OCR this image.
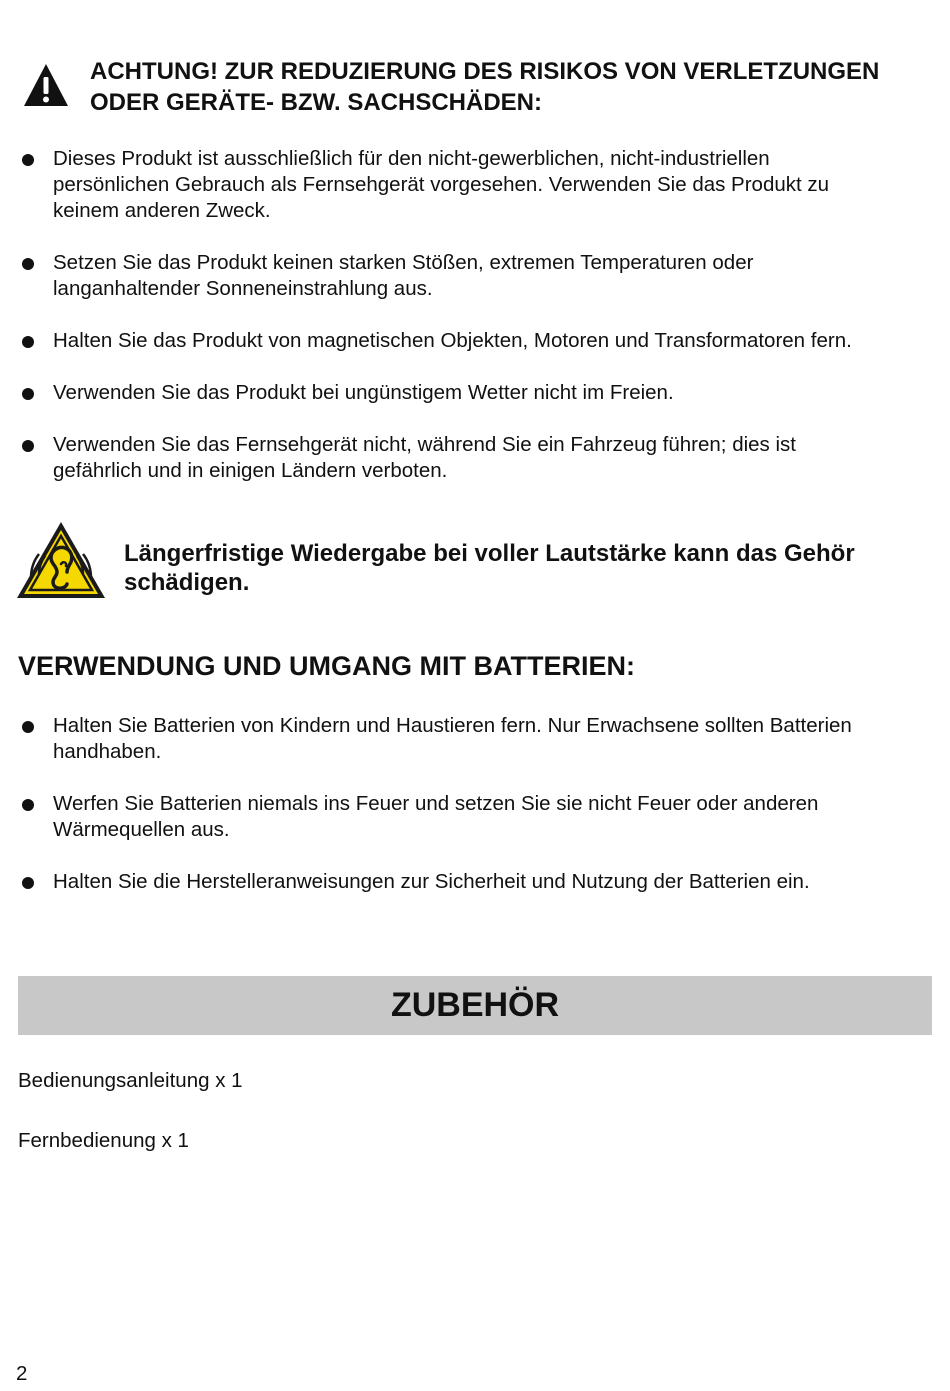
ACHTUNG! ZUR REDUZIERUNG DES RISIKOS VON VERLETZUNGEN
ODER GERÄTE- BZW. SACHSCHÄDEN:
Dieses Produkt ist ausschließlich für den nicht-gewerblichen, nicht-industriellen
persönlichen Gebrauch als Fernsehgerät vorgesehen. Verwenden Sie das Produkt zu
keinem anderen Zweck.
Setzen Sie das Produkt keinen starken Stößen, extremen Temperaturen oder
langanhaltender Sonneneinstrahlung aus.
Halten Sie das Produkt von magnetischen Objekten, Motoren und Transformatoren fern.
Verwenden Sie das Produkt bei ungünstigem Wetter nicht im Freien.
Verwenden Sie das Fernsehgerät nicht, während Sie ein Fahrzeug führen; dies ist
gefährlich und in einigen Ländern verboten.
Längerfristige Wiedergabe bei voller Lautstärke kann das Gehör
schädigen.
VERWENDUNG UND UMGANG MIT BATTERIEN:
Halten Sie Batterien von Kindern und Haustieren fern. Nur Erwachsene sollten Batterien
handhaben.
Werfen Sie Batterien niemals ins Feuer und setzen Sie sie nicht Feuer oder anderen
Wärmequellen aus.
Halten Sie die Herstelleranweisungen zur Sicherheit und Nutzung der Batterien ein.
ZUBEHÖR
Bedienungsanleitung x 1
Fernbedienung x 1
2
